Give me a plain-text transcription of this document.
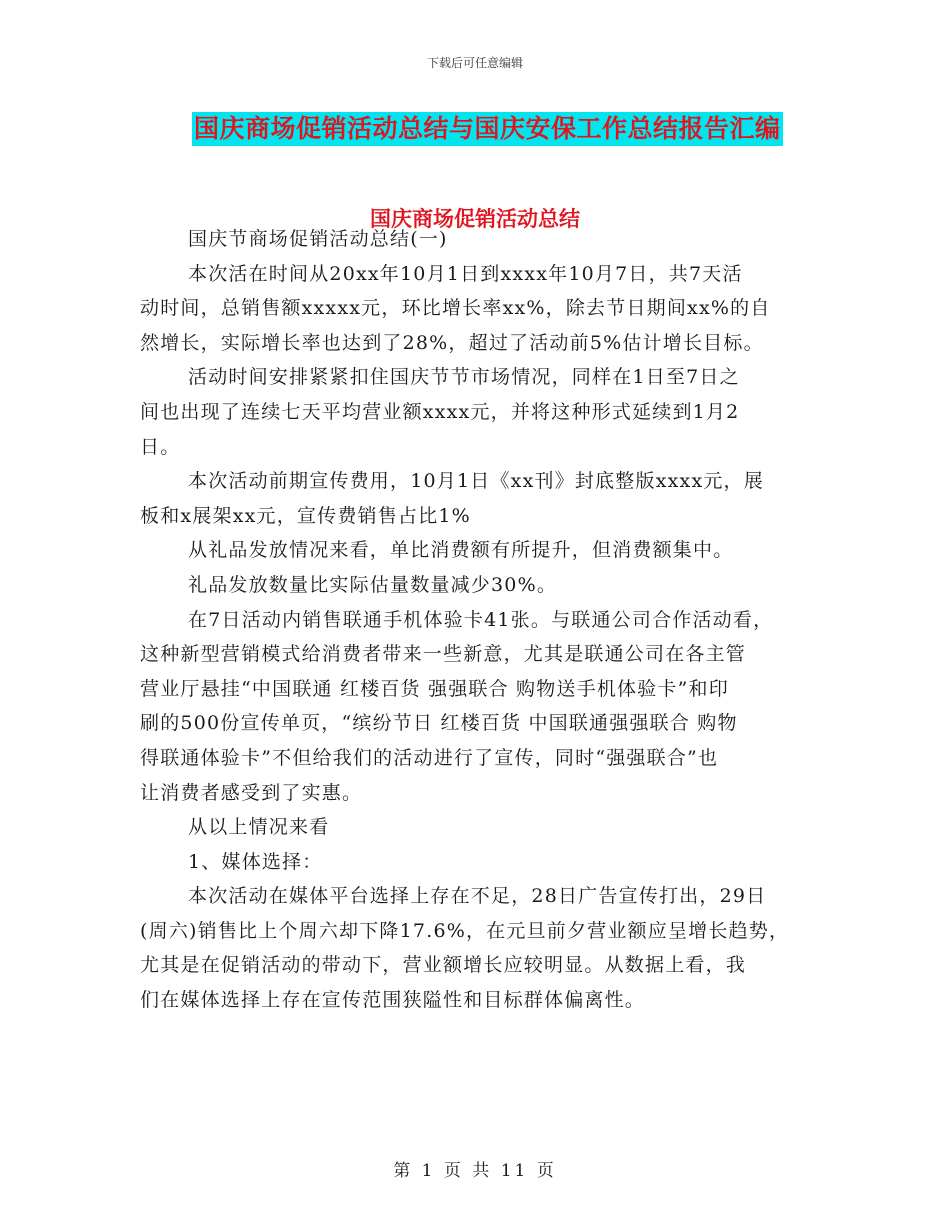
下载后可任意编辑
国庆商场促销活动总结与国庆安保工作总结报告汇编
国庆商场促销活动总结

国庆节商场促销活动总结(一)

本次活在时间从20xx年10月1日到xxxx年10月7日，共7天活
动时间，总销售额xxxxx元，环比增长率xx%，除去节日期间xx%的自
然增长，实际增长率也达到了28%，超过了活动前5%估计增长目标。

活动时间安排紧紧扣住国庆节节市场情况，同样在1日至7日之
间也出现了连续七天平均营业额xxxx元，并将这种形式延续到1月2
日。

本次活动前期宣传费用，10月1日《xx刊》封底整版xxxx元，展
板和x展架xx元，宣传费销售占比1%

从礼品发放情况来看，单比消费额有所提升，但消费额集中。

礼品发放数量比实际估量数量减少30%。

在7日活动内销售联通手机体验卡41张。与联通公司合作活动看，
这种新型营销模式给消费者带来一些新意，尤其是联通公司在各主管
营业厅悬挂“中国联通 红楼百货 强强联合 购物送手机体验卡”和印
刷的500份宣传单页，“缤纷节日 红楼百货 中国联通强强联合 购物
得联通体验卡”不但给我们的活动进行了宣传，同时“强强联合”也
让消费者感受到了实惠。

从以上情况来看

1、媒体选择：

本次活动在媒体平台选择上存在不足，28日广告宣传打出，29日
(周六)销售比上个周六却下降17.6%，在元旦前夕营业额应呈增长趋势，
尤其是在促销活动的带动下，营业额增长应较明显。从数据上看，我
们在媒体选择上存在宣传范围狭隘性和目标群体偏离性。

第 1 页 共 11 页
